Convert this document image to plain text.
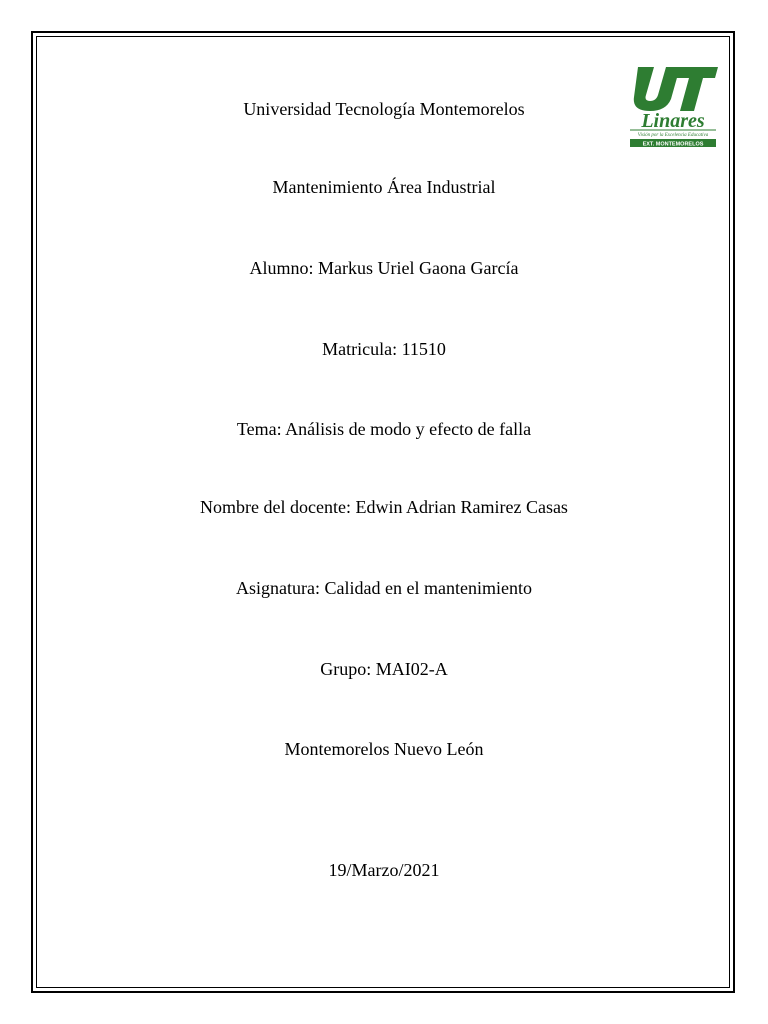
Linares
Visión por la Excelencia Educativa
EXT. MONTEMORELOS
Universidad Tecnología Montemorelos
Mantenimiento Área Industrial
Alumno: Markus Uriel Gaona García
Matricula: 11510
Tema: Análisis de modo y efecto de falla
Nombre del docente: Edwin Adrian Ramirez Casas
Asignatura: Calidad en el mantenimiento
Grupo: MAI02-A
Montemorelos Nuevo León
19/Marzo/2021
